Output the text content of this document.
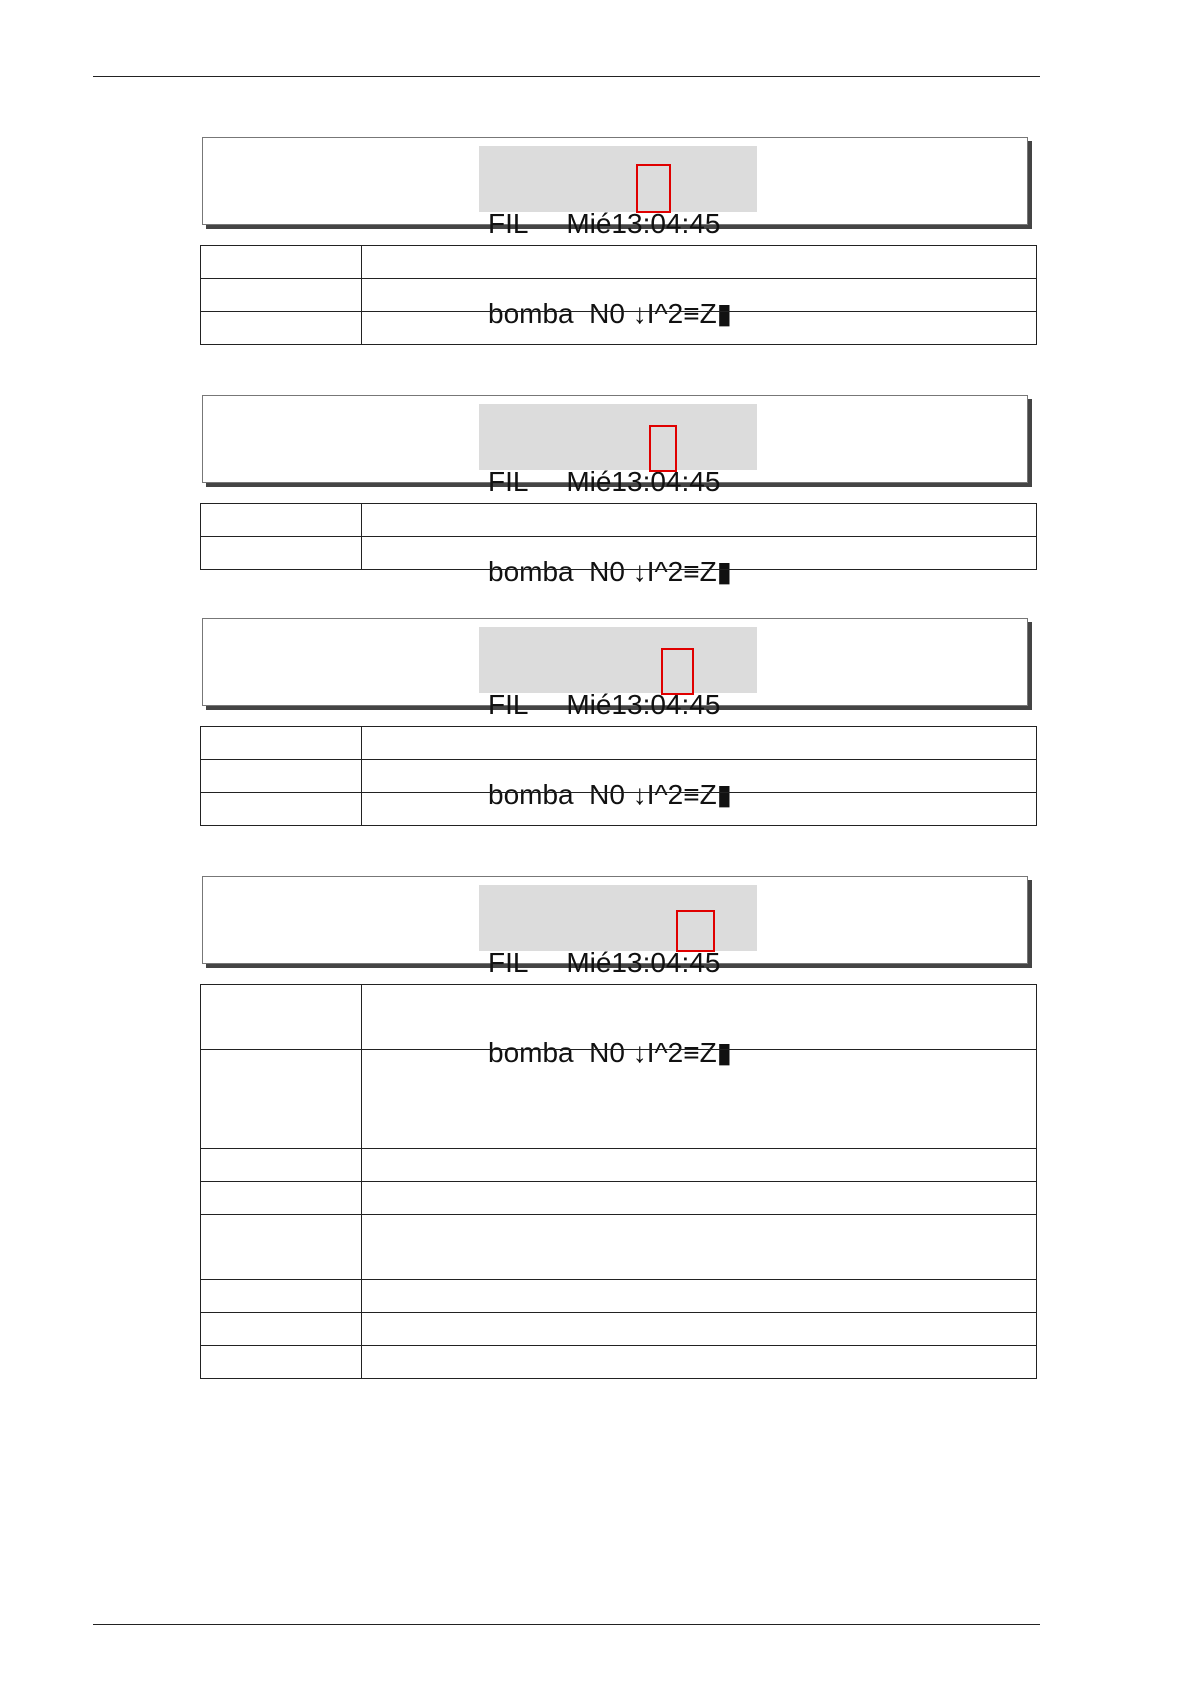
FIL     Mié13:04:45

bomba  N0 ↓I^2≡Z▮

FIL     Mié13:04:45

bomba  N0 ↓I^2≡Z▮

FIL     Mié13:04:45

bomba  N0 ↓I^2≡Z▮

FIL     Mié13:04:45

bomba  N0 ↓I^2≡Z▮
